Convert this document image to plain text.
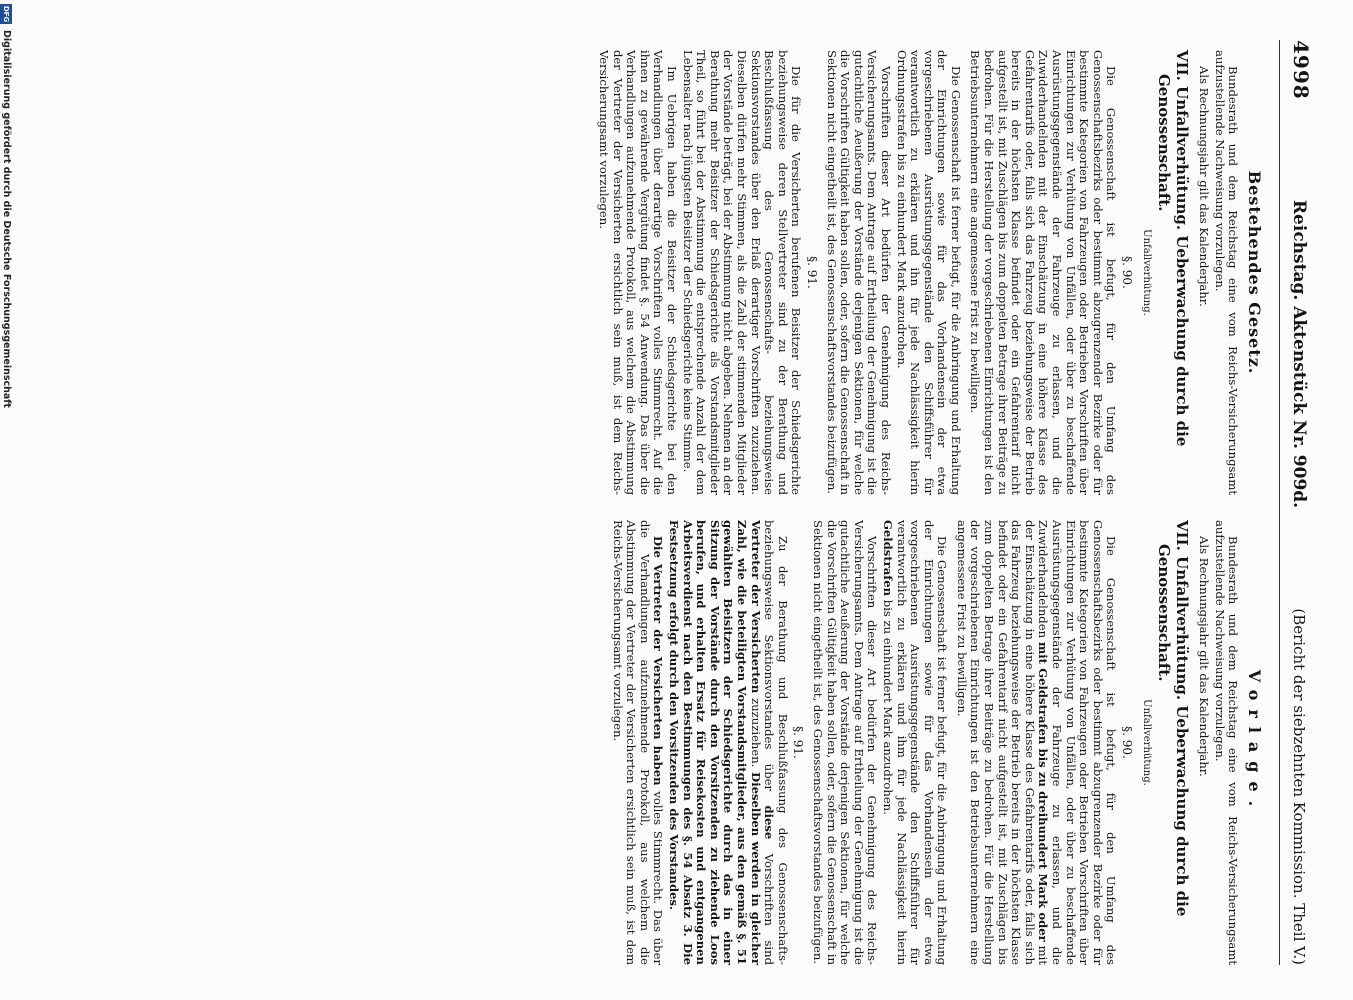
4998
Reichstag. Aktenstück Nr. 909d.
(Bericht der siebzehnten Kommission. Theil V.)
Bestehendes Gesetz.

Bundesrath und dem Reichstag eine vom Reichs-Versicherungsamt aufzustellende Nachweisung vorzulegen.

Als Rechnungsjahr gilt das Kalenderjahr.

VII. Unfallverhütung. Ueberwachung durch die
Genossenschaft.

Unfallverhütung.

§. 90.

Die Genossenschaft ist befugt, für den Umfang des Genossenschaftsbezirks oder bestimmt abzugrenzender Bezirke oder für bestimmte Kategorien von Fahrzeugen oder Betrieben Vorschriften über Einrichtungen zur Verhütung von Unfällen, oder über zu beschaffende Ausrüstungsgegenstände der Fahrzeuge zu erlassen, und die Zuwiderhandelnden mit der Einschätzung in eine höhere Klasse des Gefahrentarifs oder, falls sich das Fahrzeug beziehungsweise der Betrieb bereits in der höchsten Klasse befindet oder ein Gefahrentarif nicht aufgestellt ist, mit Zuschlägen bis zum doppelten Betrage ihrer Beiträge zu bedrohen. Für die Herstellung der vorgeschriebenen Einrichtungen ist den Betriebsunternehmern eine angemessene Frist zu bewilligen.

Die Genossenschaft ist ferner befugt, für die Anbringung und Erhaltung der Einrichtungen sowie für das Vorhandensein der etwa vorgeschriebenen Ausrüstungsgegenstände den Schiffsführer für verantwortlich zu erklären und ihn für jede Nachlässigkeit hierin Ordnungsstrafen bis zu einhundert Mark anzudrohen.

Vorschriften dieser Art bedürfen der Genehmigung des Reichs-Versicherungsamts. Dem Antrage auf Ertheilung der Genehmigung ist die gutachtliche Aeußerung der Vorstände derjenigen Sektionen, für welche die Vorschriften Gültigkeit haben sollen, oder, sofern die Genossenschaft in Sektionen nicht eingetheilt ist, des Genossenschaftsvorstandes beizufügen.

§. 91.

Die für die Versicherten berufenen Beisitzer der Schiedsgerichte beziehungsweise deren Stellvertreter sind zu der Berathung und Beschlußfassung des Genossenschafts- beziehungsweise Sektionsvorstandes über den Erlaß derartiger Vorschriften zuzuziehen. Dieselben dürfen mehr Stimmen, als die Zahl der stimmenden Mitglieder der Vorstände beträgt, bei der Abstimmung nicht abgeben. Nehmen an der Berathung mehr Beisitzer der Schiedsgerichte als Vorstandsmitglieder Theil, so führt bei der Abstimmung die entsprechende Anzahl der dem Lebensalter nach jüngsten Beisitzer der Schiedsgerichte keine Stimme.

Im Uebrigen haben die Beisitzer der Schiedsgerichte bei den Verhandlungen über derartige Vorschriften volles Stimmrecht. Auf die ihnen zu gewährende Vergütung findet §. 54 Anwendung. Das über die Verhandlungen aufzunehmende Protokoll, aus welchem die Abstimmung der Vertreter der Versicherten ersichtlich sein muß, ist dem Reichs-Versicherungsamt vorzulegen.

Vorlage.

Bundesrath und dem Reichstag eine vom Reichs-Versicherungsamt aufzustellende Nachweisung vorzulegen.

Als Rechnungsjahr gilt das Kalenderjahr.

VII. Unfallverhütung. Ueberwachung durch die
Genossenschaft.

Unfallverhütung.

§. 90.

Die Genossenschaft ist befugt, für den Umfang des Genossenschaftsbezirks oder bestimmt abzugrenzender Bezirke oder für bestimmte Kategorien von Fahrzeugen oder Betrieben Vorschriften über Einrichtungen zur Verhütung von Unfällen, oder über zu beschaffende Ausrüstungsgegenstände der Fahrzeuge zu erlassen, und die Zuwiderhandelnden mit Geldstrafen bis zu dreihundert Mark oder mit der Einschätzung in eine höhere Klasse des Gefahrentarifs oder, falls sich das Fahrzeug beziehungsweise der Betrieb bereits in der höchsten Klasse befindet oder ein Gefahrentarif nicht aufgestellt ist, mit Zuschlägen bis zum doppelten Betrage ihrer Beiträge zu bedrohen. Für die Herstellung der vorgeschriebenen Einrichtungen ist den Betriebsunternehmern eine angemessene Frist zu bewilligen.

Die Genossenschaft ist ferner befugt, für die Anbringung und Erhaltung der Einrichtungen sowie für das Vorhandensein der etwa vorgeschriebenen Ausrüstungsgegenstände den Schiffsführer für verantwortlich zu erklären und ihm für jede Nachlässigkeit hierin Geldstrafen bis zu einhundert Mark anzudrohen.

Vorschriften dieser Art bedürfen der Genehmigung des Reichs-Versicherungsamts. Dem Antrage auf Ertheilung der Genehmigung ist die gutachtliche Aeußerung der Vorstände derjenigen Sektionen, für welche die Vorschriften Gültigkeit haben sollen, oder, sofern die Genossenschaft in Sektionen nicht eingetheilt ist, des Genossenschaftsvorstandes beizufügen.

§. 91.

Zu der Berathung und Beschlußfassung des Genossenschafts- beziehungsweise Sektionsvorstandes über diese Vorschriften sind Vertreter der Versicherten zuzuziehen. Dieselben werden in gleicher Zahl, wie die beteiligten Vorstandsmitglieder, aus den gemäß §. 51 gewählten Beisitzern der Schiedsgerichte durch das in einer Sitzung der Vorstände durch den Vorsitzenden zu ziehende Loos berufen, und erhalten Ersatz für Reisekosten und entgangenen Arbeitsverdienst nach den Bestimmungen des §. 54 Absatz 3. Die Festsetzung erfolgt durch den Vorsitzenden des Vorstandes.

Die Vertreter der Versicherten haben volles Stimmrecht. Das über die Verhandlungen aufzunehmende Protokoll, aus welchem die Abstimmung der Vertreter der Versicherten ersichtlich sein muß, ist dem Reichs-Versicherungsamt vorzulegen.

DFG
Digitalisierung gefördert durch die Deutsche Forschungsgemeinschaft
